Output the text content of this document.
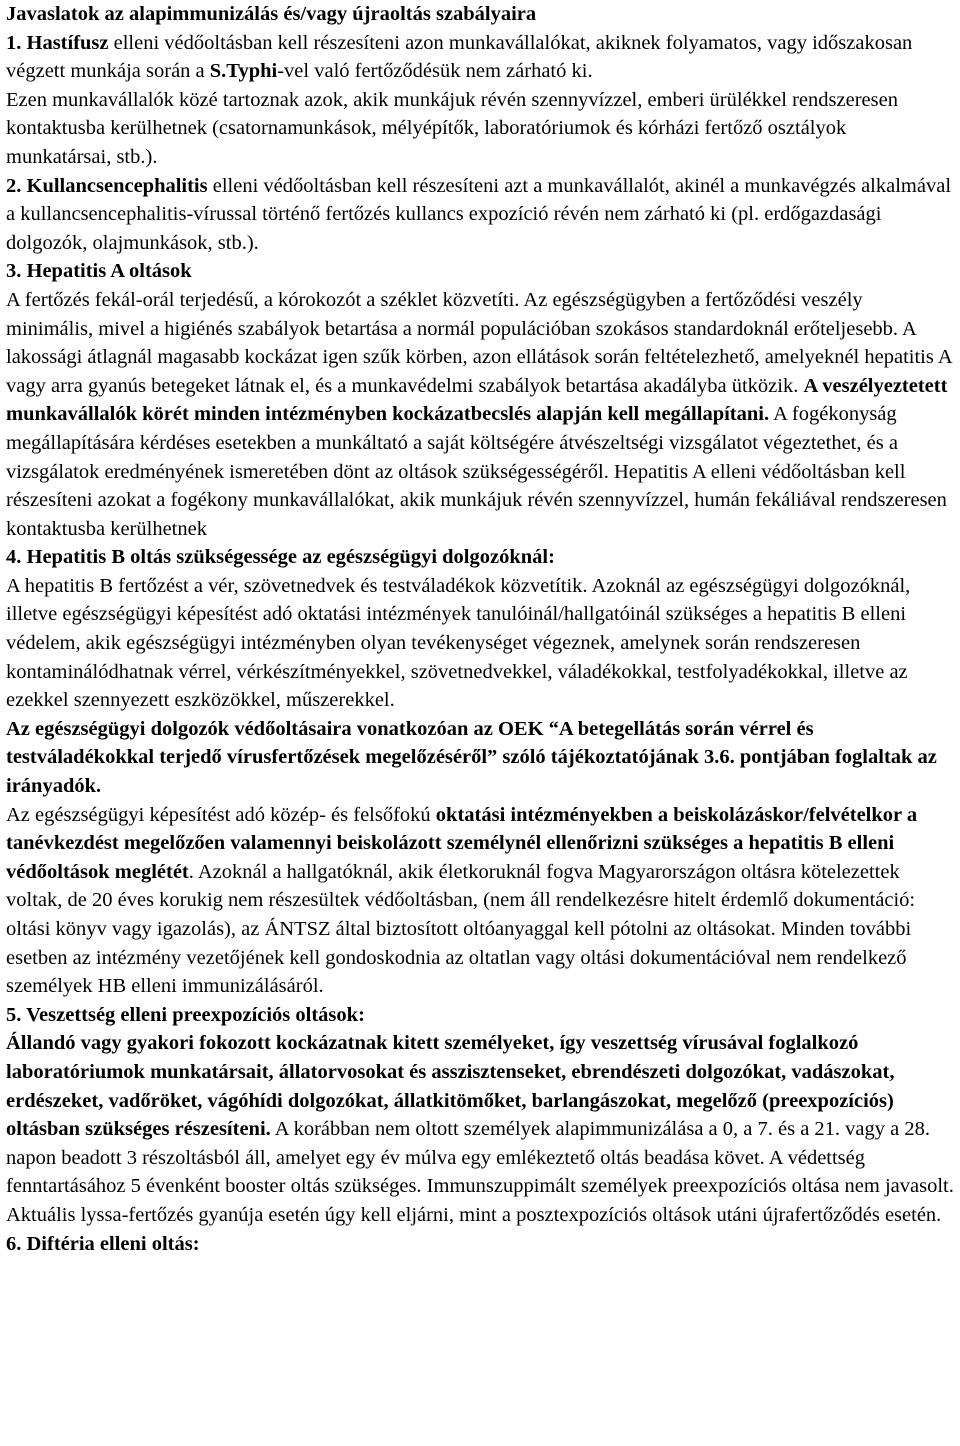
Javaslatok az alapimmunizálás és/vagy újraoltás szabályaira

1. Hastífusz elleni védőoltásban kell részesíteni azon munkavállalókat, akiknek folyamatos, vagy időszakosan végzett munkája során a S.Typhi-vel való fertőződésük nem zárható ki.

Ezen munkavállalók közé tartoznak azok, akik munkájuk révén szennyvízzel, emberi ürülékkel rendszeresen kontaktusba kerülhetnek (csatornamunkások, mélyépítők, laboratóriumok és kórházi fertőző osztályok munkatársai, stb.).

2. Kullancsencephalitis elleni védőoltásban kell részesíteni azt a munkavállalót, akinél a munkavégzés alkalmával a kullancsencephalitis-vírussal történő fertőzés kullancs expozíció révén nem zárható ki (pl. erdőgazdasági dolgozók, olajmunkások, stb.).

3. Hepatitis A oltások

A fertőzés fekál-orál terjedésű, a kórokozót a széklet közvetíti. Az egészségügyben a fertőződési veszély minimális, mivel a higiénés szabályok betartása a normál populációban szokásos standardoknál erőteljesebb. A lakossági átlagnál magasabb kockázat igen szűk körben, azon ellátások során feltételezhető, amelyeknél hepatitis A vagy arra gyanús betegeket látnak el, és a munkavédelmi szabályok betartása akadályba ütközik. A veszélyeztetett munkavállalók körét minden intézményben kockázatbecslés alapján kell megállapítani. A fogékonyság megállapítására kérdéses esetekben a munkáltató a saját költségére átvészeltségi vizsgálatot végeztethet, és a vizsgálatok eredményének ismeretében dönt az oltások szükségességéről. Hepatitis A elleni védőoltásban kell részesíteni azokat a fogékony munkavállalókat, akik munkájuk révén szennyvízzel, humán fekáliával rendszeresen kontaktusba kerülhetnek

4. Hepatitis B oltás szükségessége az egészségügyi dolgozóknál:

A hepatitis B fertőzést a vér, szövetnedvek és testváladékok közvetítik. Azoknál az egészségügyi dolgozóknál, illetve egészségügyi képesítést adó oktatási intézmények tanulóinál/hallgatóinál szükséges a hepatitis B elleni védelem, akik egészségügyi intézményben olyan tevékenységet végeznek, amelynek során rendszeresen kontaminálódhatnak vérrel, vérkészítményekkel, szövetnedvekkel, váladékokkal, testfolyadékokkal, illetve az ezekkel szennyezett eszközökkel, műszerekkel.

Az egészségügyi dolgozók védőoltásaira vonatkozóan az OEK “A betegellátás során vérrel és testváladékokkal terjedő vírusfertőzések megelőzéséről” szóló tájékoztatójának 3.6. pontjában foglaltak az irányadók.

Az egészségügyi képesítést adó közép- és felsőfokú oktatási intézményekben a beiskolázáskor/felvételkor a tanévkezdést megelőzően valamennyi beiskolázott személynél ellenőrizni szükséges a hepatitis B elleni védőoltások meglétét. Azoknál a hallgatóknál, akik életkoruknál fogva Magyarországon oltásra kötelezettek voltak, de 20 éves korukig nem részesültek védőoltásban, (nem áll rendelkezésre hitelt érdemlő dokumentáció: oltási könyv vagy igazolás), az ÁNTSZ által biztosított oltóanyaggal kell pótolni az oltásokat. Minden további esetben az intézmény vezetőjének kell gondoskodnia az oltatlan vagy oltási dokumentációval nem rendelkező személyek HB elleni immunizálásáról.

5. Veszettség elleni preexpozíciós oltások:

Állandó vagy gyakori fokozott kockázatnak kitett személyeket, így veszettség vírusával foglalkozó laboratóriumok munkatársait, állatorvosokat és asszisztenseket, ebrendészeti dolgozókat, vadászokat, erdészeket, vadőröket, vágóhídi dolgozókat, állatkitömőket, barlangászokat, megelőző (preexpozíciós) oltásban szükséges részesíteni. A korábban nem oltott személyek alapimmunizálása a 0, a 7. és a 21. vagy a 28. napon beadott 3 részoltásból áll, amelyet egy év múlva egy emlékeztető oltás beadása követ. A védettség fenntartásához 5 évenként booster oltás szükséges. Immunszuppimált személyek preexpozíciós oltása nem javasolt. Aktuális lyssa-fertőzés gyanúja esetén úgy kell eljárni, mint a posztexpozíciós oltások utáni újrafertőződés esetén.

6. Diftéria elleni oltás:
